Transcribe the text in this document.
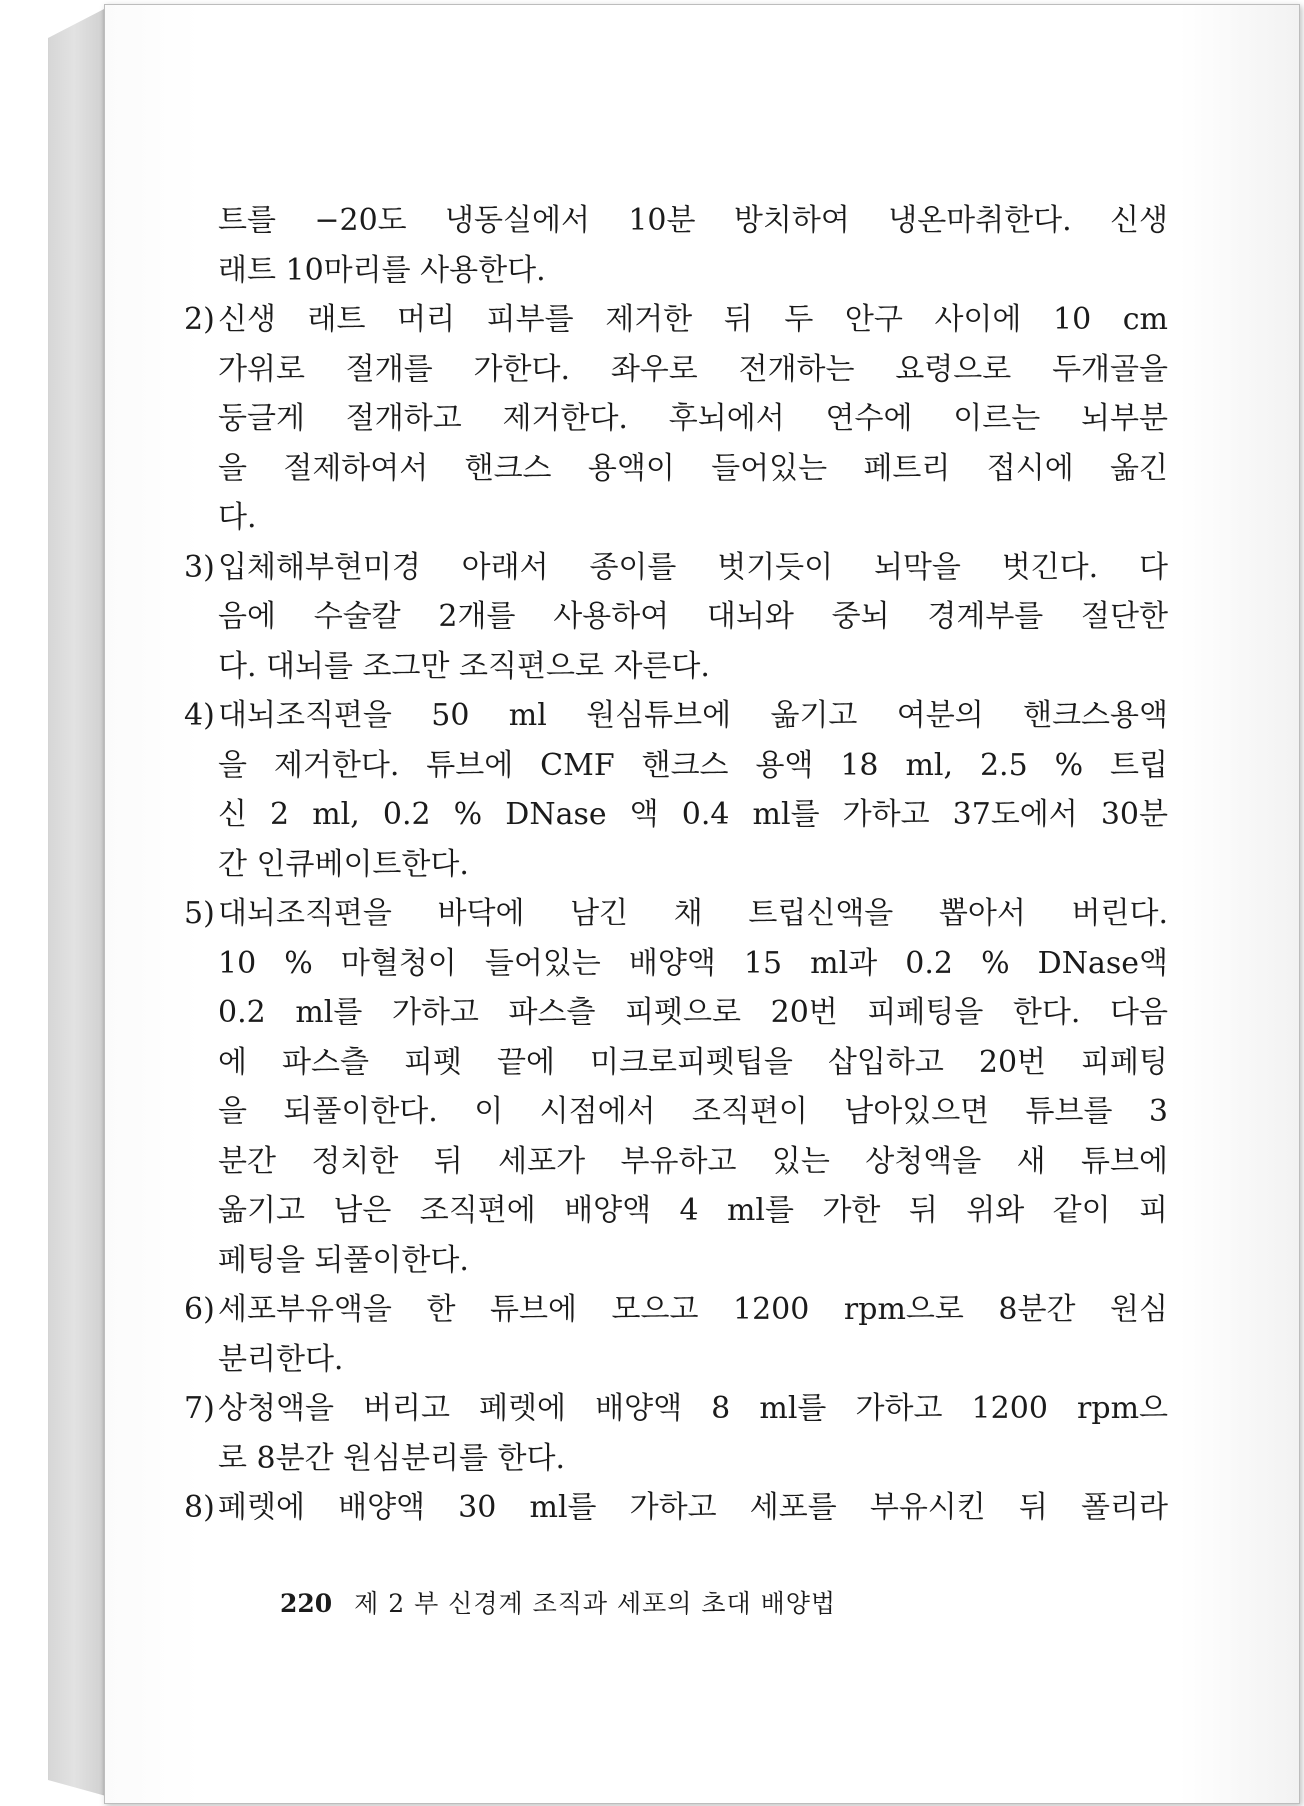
트를 −20도 냉동실에서 10분 방치하여 냉온마취한다. 신생
래트 10마리를 사용한다.
2) 신생 래트 머리 피부를 제거한 뒤 두 안구 사이에 10 cm
가위로 절개를 가한다. 좌우로 전개하는 요령으로 두개골을
둥글게 절개하고 제거한다. 후뇌에서 연수에 이르는 뇌부분
을 절제하여서 핸크스 용액이 들어있는 페트리 접시에 옮긴
다.
3) 입체해부현미경 아래서 종이를 벗기듯이 뇌막을 벗긴다. 다
음에 수술칼 2개를 사용하여 대뇌와 중뇌 경계부를 절단한
다. 대뇌를 조그만 조직편으로 자른다.
4) 대뇌조직편을 50 ml 원심튜브에 옮기고 여분의 핸크스용액
을 제거한다. 튜브에 CMF 핸크스 용액 18 ml, 2.5 % 트립
신 2 ml, 0.2 % DNase 액 0.4 ml를 가하고 37도에서 30분
간 인큐베이트한다.
5) 대뇌조직편을 바닥에 남긴 채 트립신액을 뽑아서 버린다.
10 % 마혈청이 들어있는 배양액 15 ml과 0.2 % DNase액
0.2 ml를 가하고 파스츨 피펫으로 20번 피페팅을 한다. 다음
에 파스츨 피펫 끝에 미크로피펫팁을 삽입하고 20번 피페팅
을 되풀이한다. 이 시점에서 조직편이 남아있으면 튜브를 3
분간 정치한 뒤 세포가 부유하고 있는 상청액을 새 튜브에
옮기고 남은 조직편에 배양액 4 ml를 가한 뒤 위와 같이 피
페팅을 되풀이한다.
6) 세포부유액을 한 튜브에 모으고 1200 rpm으로 8분간 원심
분리한다.
7) 상청액을 버리고 페렛에 배양액 8 ml를 가하고 1200 rpm으
로 8분간 원심분리를 한다.
8) 페렛에 배양액 30 ml를 가하고 세포를 부유시킨 뒤 폴리라
220 제 2 부 신경계 조직과 세포의 초대 배양법
